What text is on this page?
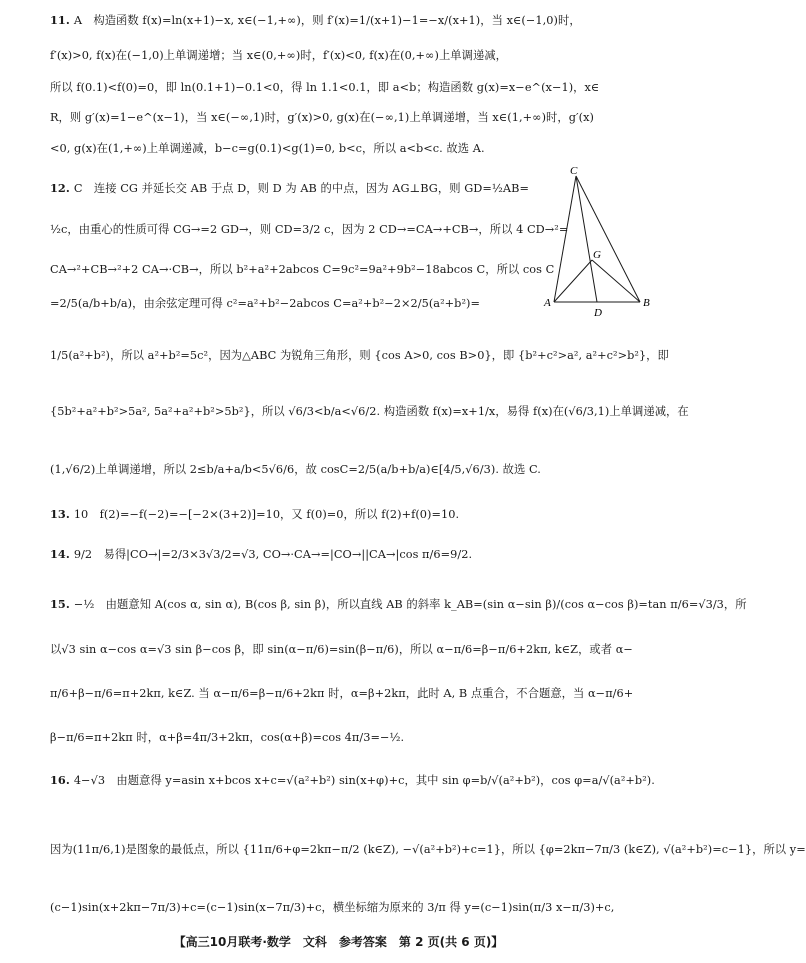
11. A　构造函数 f(x)=ln(x+1)−x, x∈(−1,+∞)，则 f′(x)=1/(x+1)−1=−x/(x+1)，当 x∈(−1,0)时，
f′(x)>0, f(x)在(−1,0)上单调递增；当 x∈(0,+∞)时，f′(x)<0, f(x)在(0,+∞)上单调递减，
所以 f(0.1)<f(0)=0，即 ln(0.1+1)−0.1<0，得 ln 1.1<0.1，即 a<b；构造函数 g(x)=x−e^(x−1)，x∈
R，则 g′(x)=1−e^(x−1)，当 x∈(−∞,1)时，g′(x)>0, g(x)在(−∞,1)上单调递增，当 x∈(1,+∞)时，g′(x)
<0, g(x)在(1,+∞)上单调递减，b−c=g(0.1)<g(1)=0, b<c，所以 a<b<c. 故选 A.
12. C　连接 CG 并延长交 AB 于点 D，则 D 为 AB 的中点，因为 AG⊥BG，则 GD=½AB=
½c，由重心的性质可得 CG→=2 GD→，则 CD=3/2 c，因为 2 CD→=CA→+CB→，所以 4 CD→²=
CA→²+CB→²+2 CA→·CB→，所以 b²+a²+2abcos C=9c²=9a²+9b²−18abcos C，所以 cos C
=2/5(a/b+b/a)，由余弦定理可得 c²=a²+b²−2abcos C=a²+b²−2×2/5(a²+b²)=
1/5(a²+b²)，所以 a²+b²=5c²，因为△ABC 为锐角三角形，则 {cos A>0, cos B>0}，即 {b²+c²>a², a²+c²>b²}，即
{5b²+a²+b²>5a², 5a²+a²+b²>5b²}，所以 √6/3<b/a<√6/2. 构造函数 f(x)=x+1/x，易得 f(x)在(√6/3,1)上单调递减，在
(1,√6/2)上单调递增，所以 2≤b/a+a/b<5√6/6，故 cosC=2/5(a/b+b/a)∈[4/5,√6/3). 故选 C.
13. 10　f(2)=−f(−2)=−[−2×(3+2)]=10，又 f(0)=0，所以 f(2)+f(0)=10.
14. 9/2　易得|CO→|=2/3×3√3/2=√3, CO→·CA→=|CO→||CA→|cos π/6=9/2.
15. −½　由题意知 A(cos α, sin α), B(cos β, sin β)，所以直线 AB 的斜率 k_AB=(sin α−sin β)/(cos α−cos β)=tan π/6=√3/3，所
以√3 sin α−cos α=√3 sin β−cos β，即 sin(α−π/6)=sin(β−π/6)，所以 α−π/6=β−π/6+2kπ, k∈Z，或者 α−
π/6+β−π/6=π+2kπ, k∈Z. 当 α−π/6=β−π/6+2kπ 时，α=β+2kπ，此时 A, B 点重合，不合题意，当 α−π/6+
β−π/6=π+2kπ 时，α+β=4π/3+2kπ，cos(α+β)=cos 4π/3=−½.
16. 4−√3　由题意得 y=asin x+bcos x+c=√(a²+b²) sin(x+φ)+c，其中 sin φ=b/√(a²+b²)，cos φ=a/√(a²+b²).
因为(11π/6,1)是图象的最低点，所以 {11π/6+φ=2kπ−π/2 (k∈Z), −√(a²+b²)+c=1}，所以 {φ=2kπ−7π/3 (k∈Z), √(a²+b²)=c−1}，所以 y=
(c−1)sin(x+2kπ−7π/3)+c=(c−1)sin(x−7π/3)+c，横坐标缩为原来的 3/π 得 y=(c−1)sin(π/3 x−π/3)+c,
C
G
A
D
B
【高三10月联考·数学　文科　参考答案　第 2 页(共 6 页)】
